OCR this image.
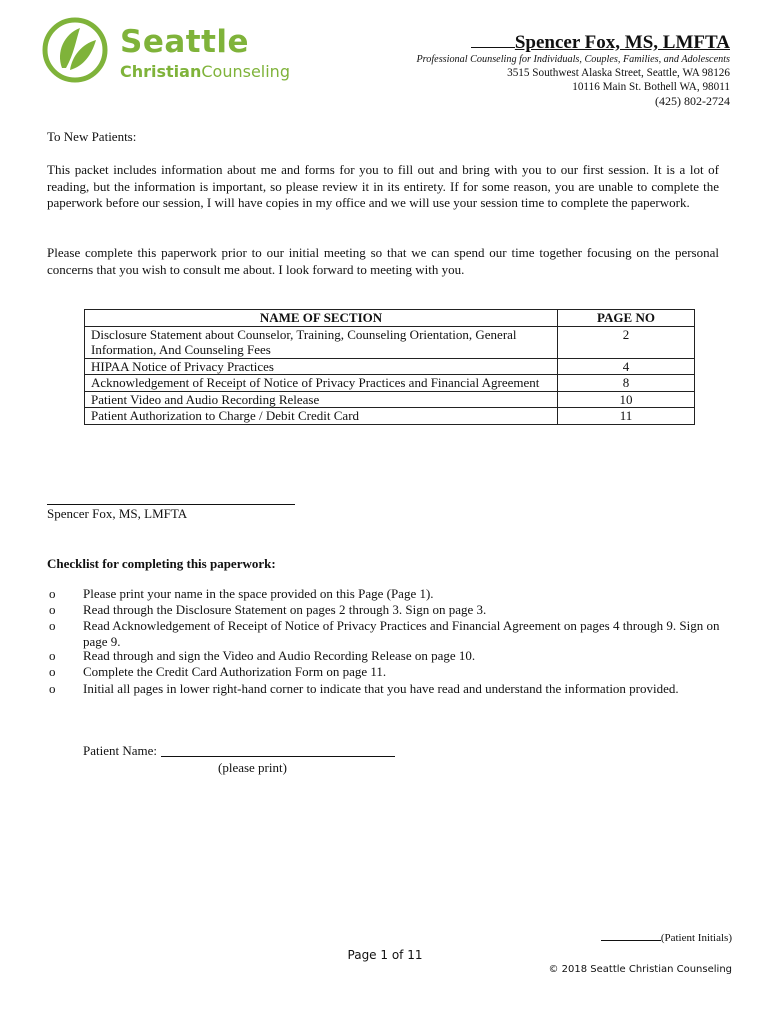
Seattle
ChristianCounseling
Spencer Fox, MS, LMFTA
Professional Counseling for Individuals, Couples, Families, and Adolescents
3515 Southwest Alaska Street, Seattle, WA 98126
10116 Main St. Bothell WA, 98011
(425) 802-2724
To New Patients:
This packet includes information about me and forms for you to fill out and bring with you to our first session. It is a lot of reading, but the information is important, so please review it in its entirety. If for some reason, you are unable to complete the paperwork before our session, I will have copies in my office and we will use your session time to complete the paperwork.
Please complete this paperwork prior to our initial meeting so that we can spend our time together focusing on the personal concerns that you wish to consult me about. I look forward to meeting with you.
NAME OF SECTION	PAGE NO
Disclosure Statement about Counselor, Training, Counseling Orientation, General Information, And Counseling Fees	2
HIPAA Notice of Privacy Practices	4
Acknowledgement of Receipt of Notice of Privacy Practices and Financial Agreement	8
Patient Video and Audio Recording Release	10
Patient Authorization to Charge / Debit Credit Card	11
Spencer Fox, MS, LMFTA
Checklist for completing this paperwork:
o Please print your name in the space provided on this Page (Page 1).
o Read through the Disclosure Statement on pages 2 through 3. Sign on page 3.
o Read Acknowledgement of Receipt of Notice of Privacy Practices and Financial Agreement on pages 4 through 9. Sign on page 9.
o Read through and sign the Video and Audio Recording Release on page 10.
o Complete the Credit Card Authorization Form on page 11.
o Initial all pages in lower right-hand corner to indicate that you have read and understand the information provided.
Patient Name:
(please print)
(Patient Initials)
Page 1 of 11
© 2018 Seattle Christian Counseling
